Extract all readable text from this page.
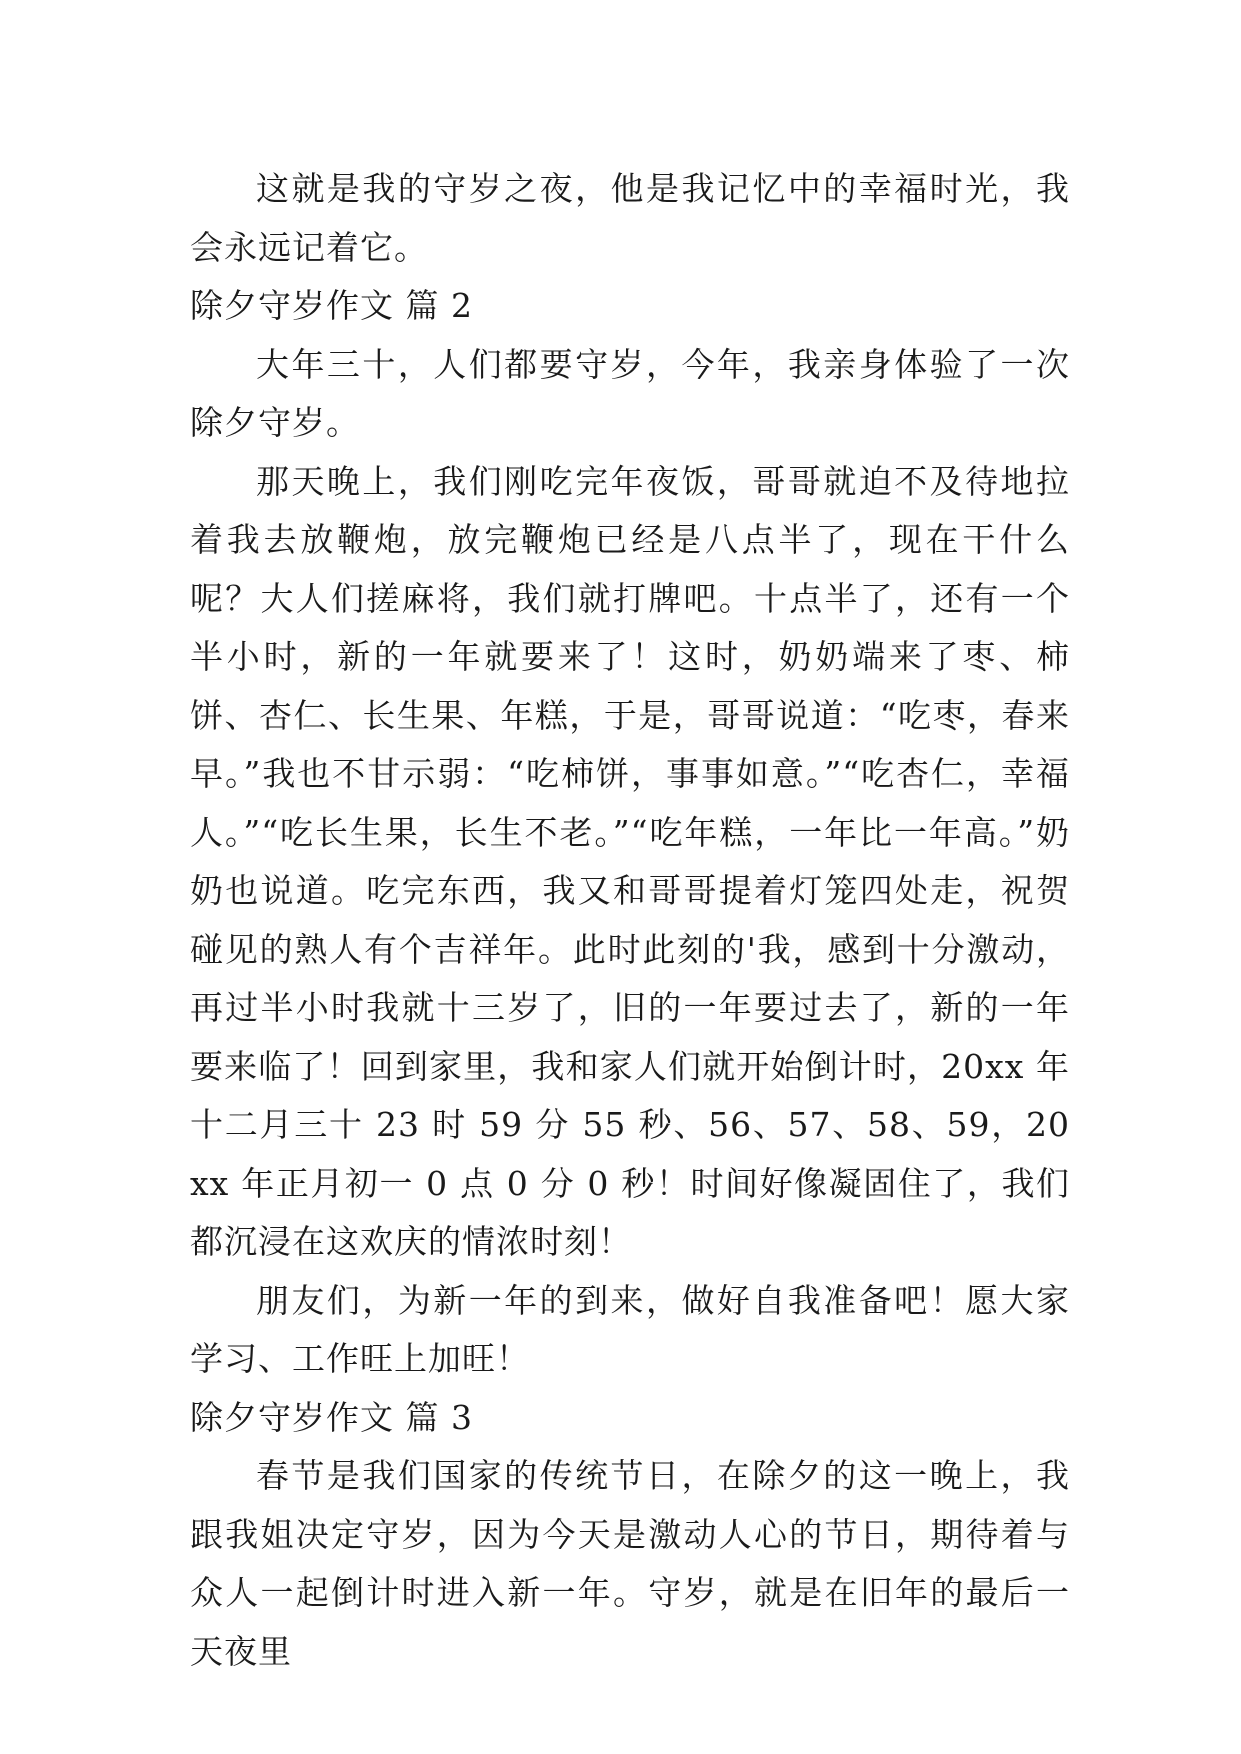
这就是我的守岁之夜，他是我记忆中的幸福时光，我会永远记着它。

除夕守岁作文 篇 2

大年三十，人们都要守岁，今年，我亲身体验了一次除夕守岁。

那天晚上，我们刚吃完年夜饭，哥哥就迫不及待地拉着我去放鞭炮，放完鞭炮已经是八点半了，现在干什么呢？大人们搓麻将，我们就打牌吧。十点半了，还有一个半小时，新的一年就要来了！这时，奶奶端来了枣、柿饼、杏仁、长生果、年糕，于是，哥哥说道：“吃枣，春来早。”我也不甘示弱：“吃柿饼，事事如意。”“吃杏仁，幸福人。”“吃长生果，长生不老。”“吃年糕，一年比一年高。”奶奶也说道。吃完东西，我又和哥哥提着灯笼四处走，祝贺碰见的熟人有个吉祥年。此时此刻的'我，感到十分激动，再过半小时我就十三岁了，旧的一年要过去了，新的一年要来临了！回到家里，我和家人们就开始倒计时，20xx 年十二月三十 23 时 59 分 55 秒、56、57、58、59，20xx 年正月初一 0 点 0 分 0 秒！时间好像凝固住了，我们都沉浸在这欢庆的情浓时刻！

朋友们，为新一年的到来，做好自我准备吧！愿大家学习、工作旺上加旺！

除夕守岁作文 篇 3

春节是我们国家的传统节日，在除夕的这一晚上，我跟我姐决定守岁，因为今天是激动人心的节日，期待着与众人一起倒计时进入新一年。守岁，就是在旧年的最后一天夜里
